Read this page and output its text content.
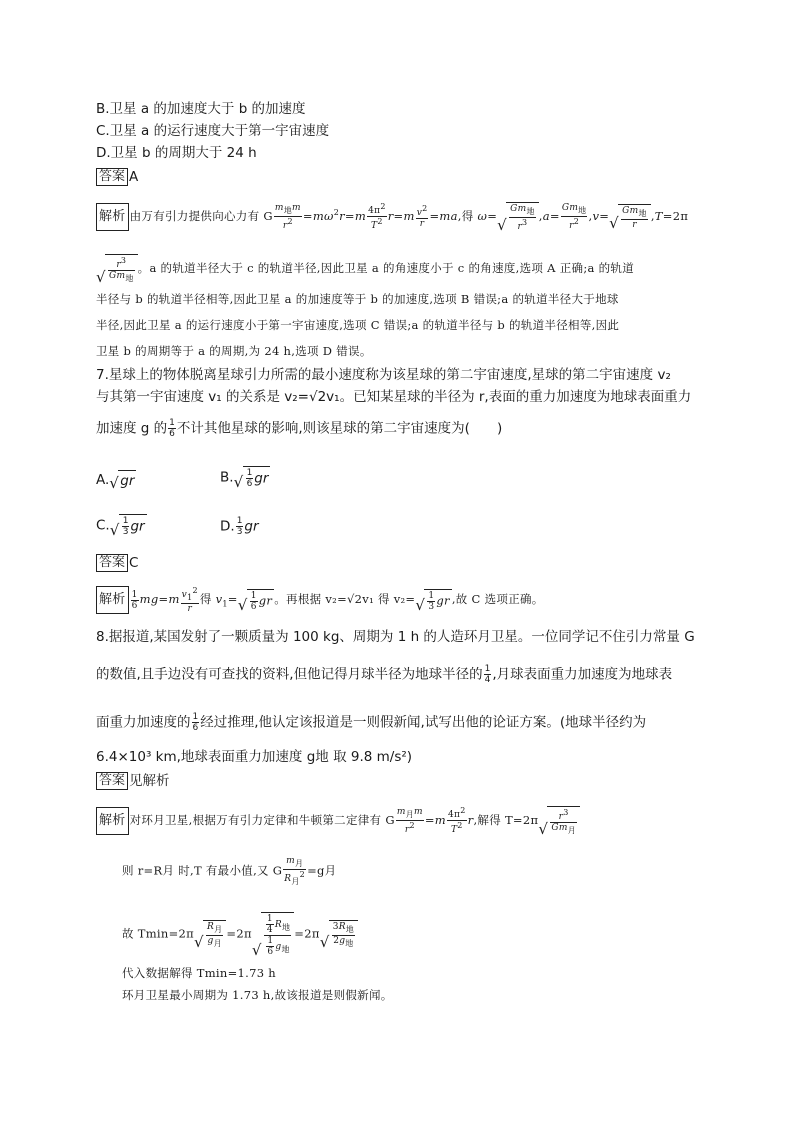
B.卫星 a 的加速度大于 b 的加速度
C.卫星 a 的运行速度大于第一宇宙速度
D.卫星 b 的周期大于 24 h
答案 A
解析 由万有引力提供向心力有 G $\frac{m_地m}{r^2} =m\omega^2r=m \frac{4\pi^2}{T^2} r=m \frac{v^2}{r} =ma$,得 ω= √ $\frac{Gm_地}{r^3} ,a= \frac{Gm_地}{r^2} ,v=$ √ $\frac{Gm_地}{r} ,T=2\pi$
√ $\frac{r^3}{Gm_地}$ 。a 的轨道半径大于 c 的轨道半径,因此卫星 a 的角速度小于 c 的角速度,选项 A 正确;a 的轨道
半径与 b 的轨道半径相等,因此卫星 a 的加速度等于 b 的加速度,选项 B 错误;a 的轨道半径大于地球
半径,因此卫星 a 的运行速度小于第一宇宙速度,选项 C 错误;a 的轨道半径与 b 的轨道半径相等,因此
卫星 b 的周期等于 a 的周期,为 24 h,选项 D 错误。
7.星球上的物体脱离星球引力所需的最小速度称为该星球的第二宇宙速度,星球的第二宇宙速度 v₂
与其第一宇宙速度 v₁ 的关系是 v₂=√2v₁。已知某星球的半径为 r,表面的重力加速度为地球表面重力
加速度 g 的 $\frac{1}{6}$ 不计其他星球的影响,则该星球的第二宇宙速度为(　　)
A. √ gr	B. √ $\frac{1}{6}$ gr
C. √ $\frac{1}{3}$ gr	D. $\frac{1}{3}$ gr
答案 C
解析 $\frac{1}{6} mg=m \frac{v_1^2}{r}$ 得 $v_1=$ √ $\frac{1}{6}$ gr 。再根据 v₂=√2v₁ 得 v₂= √ $\frac{1}{3}$ gr ,故 C 选项正确。
8.据报道,某国发射了一颗质量为 100 kg、周期为 1 h 的人造环月卫星。一位同学记不住引力常量 G
的数值,且手边没有可查找的资料,但他记得月球半径为地球半径的 $\frac{1}{4}$ ,月球表面重力加速度为地球表
面重力加速度的 $\frac{1}{6}$ 经过推理,他认定该报道是一则假新闻,试写出他的论证方案。(地球半径约为
6.4×10³ km,地球表面重力加速度 g地 取 9.8 m/s²)
答案 见解析
解析 对环月卫星,根据万有引力定律和牛顿第二定律有 G $\frac{m_月m}{r^2} =m \frac{4\pi^2}{T^2} r$,解得 T=2π √ $\frac{r^3}{Gm_月}$
则 r=R月 时,T 有最小值,又 G $\frac{m_月}{R_月^2} =g$月
故 Tmin=2π √ $\frac{R_月}{g_月} =2\pi$ √ $\frac{\frac{1}{4} R_地}{\frac{1}{6} g_地} =2\pi$ √ $\frac{3R_地}{2g_地}$
代入数据解得 Tmin=1.73 h
环月卫星最小周期为 1.73 h,故该报道是则假新闻。
